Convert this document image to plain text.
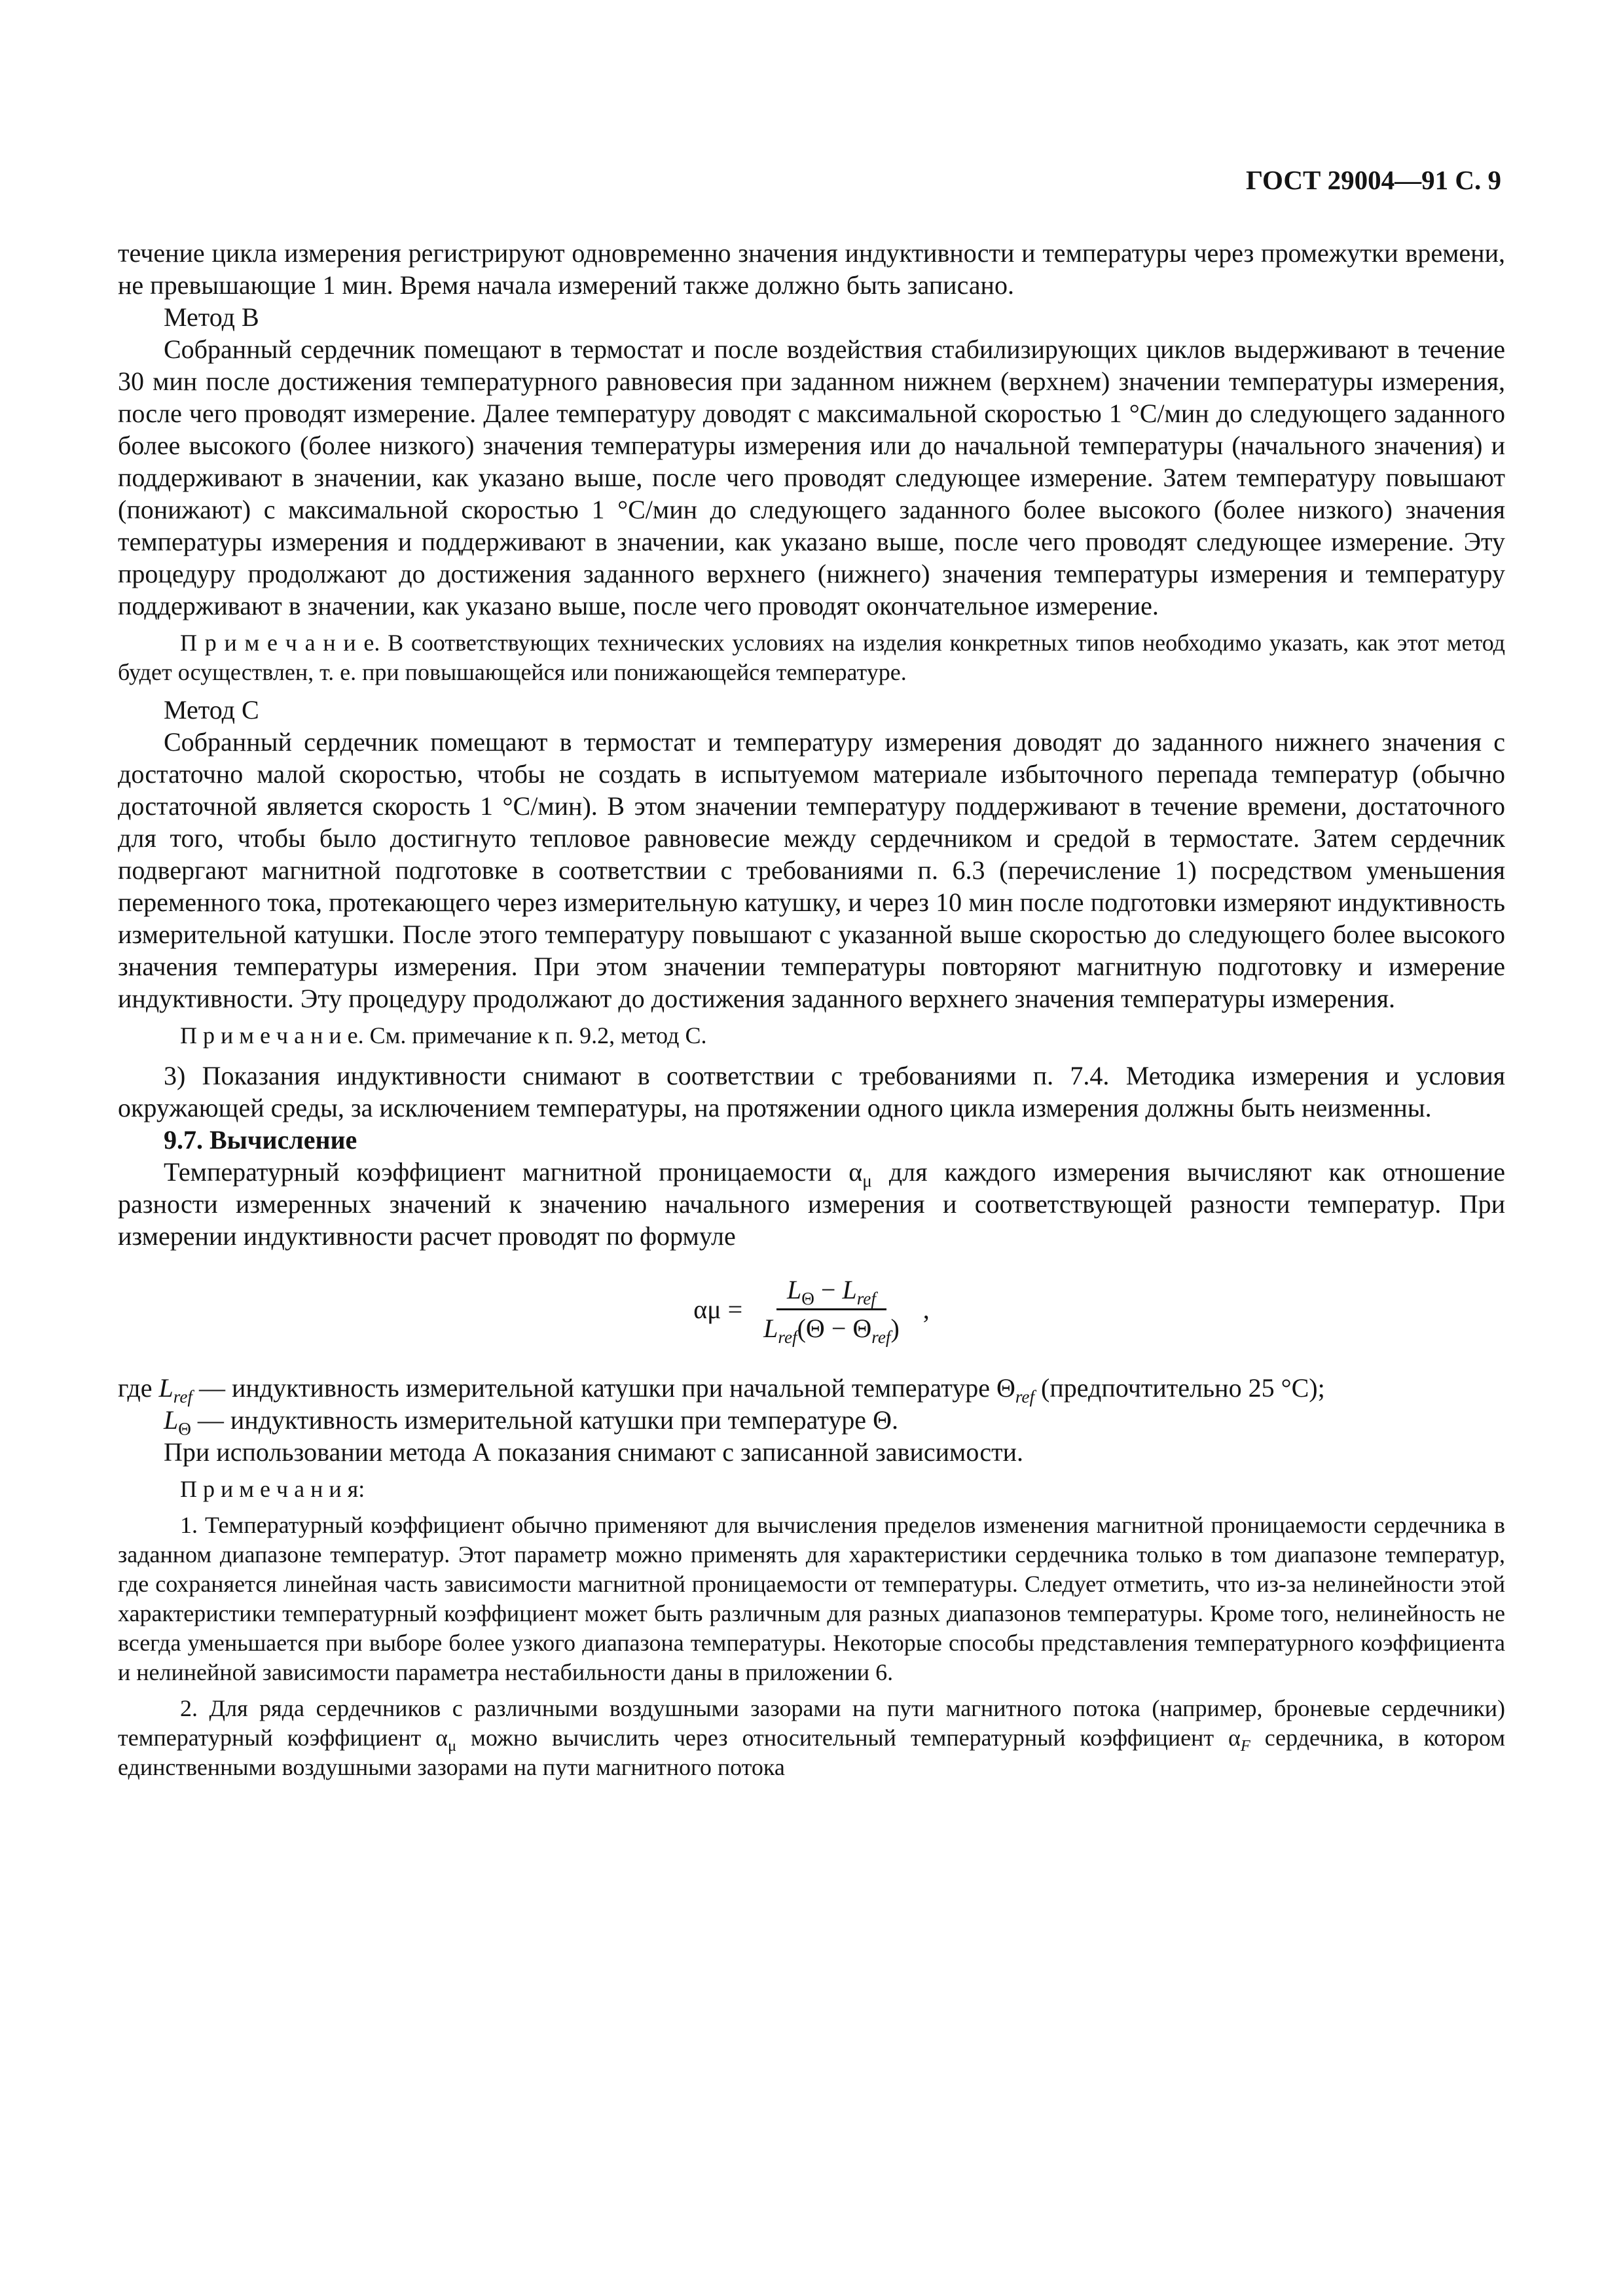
ГОСТ 29004—91 С. 9

течение цикла измерения регистрируют одновременно значения индуктивности и температуры через промежутки времени, не превышающие 1 мин. Время начала измерений также должно быть записано.

Метод В

Собранный сердечник помещают в термостат и после воздействия стабилизирующих циклов выдерживают в течение 30 мин после достижения температурного равновесия при заданном нижнем (верхнем) значении температуры измерения, после чего проводят измерение. Далее температуру доводят с максимальной скоростью 1 °С/мин до следующего заданного более высокого (более низкого) значения температуры измерения или до начальной температуры (начального значения) и поддерживают в значении, как указано выше, после чего проводят следующее измерение. Затем температуру повышают (понижают) с максимальной скоростью 1 °С/мин до следующего заданного более высокого (более низкого) значения температуры измерения и поддерживают в значении, как указано выше, после чего проводят следующее измерение. Эту процедуру продолжают до достижения заданного верхнего (нижнего) значения температуры измерения и температуру поддерживают в значении, как указано выше, после чего проводят окончательное измерение.

П р и м е ч а н и е. В соответствующих технических условиях на изделия конкретных типов необходимо указать, как этот метод будет осуществлен, т. е. при повышающейся или понижающейся температуре.

Метод С

Собранный сердечник помещают в термостат и температуру измерения доводят до заданного нижнего значения с достаточно малой скоростью, чтобы не создать в испытуемом материале избыточного перепада температур (обычно достаточной является скорость 1 °С/мин). В этом значении температуру поддерживают в течение времени, достаточного для того, чтобы было достигнуто тепловое равновесие между сердечником и средой в термостате. Затем сердечник подвергают магнитной подготовке в соответствии с требованиями п. 6.3 (перечисление 1) посредством уменьшения переменного тока, протекающего через измерительную катушку, и через 10 мин после подготовки измеряют индуктивность измерительной катушки. После этого температуру повышают с указанной выше скоростью до следующего более высокого значения температуры измерения. При этом значении температуры повторяют магнитную подготовку и измерение индуктивности. Эту процедуру продолжают до достижения заданного верхнего значения температуры измерения.

П р и м е ч а н и е. См. примечание к п. 9.2, метод С.

3) Показания индуктивности снимают в соответствии с требованиями п. 7.4. Методика измерения и условия окружающей среды, за исключением температуры, на протяжении одного цикла измерения должны быть неизменны.

9.7. Вычисление

Температурный коэффициент магнитной проницаемости $\alpha_\mu$ для каждого измерения вычисляют как отношение разности измеренных значений к значению начального измерения и соответствующей разности температур. При измерении индуктивности расчет проводят по формуле

$\alpha\mu = \frac{L_\Theta - L_{ref}}{L_{ref}(\Theta - \Theta_{ref})}$ ,

где $L_{ref}$ — индуктивность измерительной катушки при начальной температуре $\Theta_{ref}$ (предпочтительно 25 °С);

$L_\Theta$ — индуктивность измерительной катушки при температуре Θ.

При использовании метода А показания снимают с записанной зависимости.

П р и м е ч а н и я:

1. Температурный коэффициент обычно применяют для вычисления пределов изменения магнитной проницаемости сердечника в заданном диапазоне температур. Этот параметр можно применять для характеристики сердечника только в том диапазоне температур, где сохраняется линейная часть зависимости магнитной проницаемости от температуры. Следует отметить, что из-за нелинейности этой характеристики температурный коэффициент может быть различным для разных диапазонов температуры. Кроме того, нелинейность не всегда уменьшается при выборе более узкого диапазона температуры. Некоторые способы представления температурного коэффициента и нелинейной зависимости параметра нестабильности даны в приложении 6.

2. Для ряда сердечников с различными воздушными зазорами на пути магнитного потока (например, броневые сердечники) температурный коэффициент $\alpha_\mu$ можно вычислить через относительный температурный коэффициент $\alpha_F$ сердечника, в котором единственными воздушными зазорами на пути магнитного потока
